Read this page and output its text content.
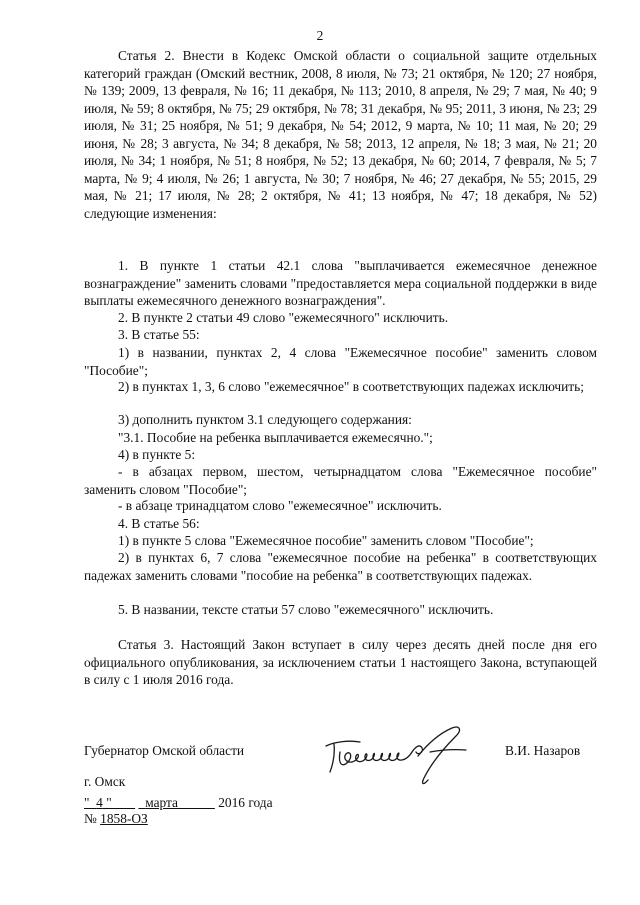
2

Статья 2. Внести в Кодекс Омской области о социальной защите отдельных категорий граждан (Омский вестник, 2008, 8 июля, № 73; 21 октября, № 120; 27 ноября, № 139; 2009, 13 февраля, № 16; 11 декабря, № 113; 2010, 8 апреля, № 29; 7 мая, № 40; 9 июля, № 59; 8 октября, № 75; 29 октября, № 78; 31 декабря, № 95; 2011, 3 июня, № 23; 29 июля, № 31; 25 ноября, № 51; 9 декабря, № 54; 2012, 9 марта, № 10; 11 мая, № 20; 29 июня, № 28; 3 августа, № 34; 8 декабря, № 58; 2013, 12 апреля, № 18; 3 мая, № 21; 20 июля, № 34; 1 ноября, № 51; 8 ноября, № 52; 13 декабря, № 60; 2014, 7 февраля, № 5; 7 марта, № 9; 4 июля, № 26; 1 августа, № 30; 7 ноября, № 46; 27 декабря, № 55; 2015, 29 мая, № 21; 17 июля, № 28; 2 октября, № 41; 13 ноября, № 47; 18 декабря, № 52) следующие изменения:

1. В пункте 1 статьи 42.1 слова "выплачивается ежемесячное денежное вознаграждение" заменить словами "предоставляется мера социальной поддержки в виде выплаты ежемесячного денежного вознаграждения".

2. В пункте 2 статьи 49 слово "ежемесячного" исключить.

3. В статье 55:

1) в названии, пунктах 2, 4 слова "Ежемесячное пособие" заменить словом "Пособие";

2) в пунктах 1, 3, 6 слово "ежемесячное" в соответствующих падежах исключить;

3) дополнить пунктом 3.1 следующего содержания:

"3.1. Пособие на ребенка выплачивается ежемесячно.";

4) в пункте 5:

- в абзацах первом, шестом, четырнадцатом слова "Ежемесячное пособие" заменить словом "Пособие";

- в абзаце тринадцатом слово "ежемесячное" исключить.

4. В статье 56:

1) в пункте 5 слова "Ежемесячное пособие" заменить словом "Пособие";

2) в пунктах 6, 7 слова "ежемесячное пособие на ребенка" в соответствующих падежах заменить словами "пособие на ребенка" в соответствующих падежах.

5. В названии, тексте статьи 57 слово "ежемесячного" исключить.

Статья 3. Настоящий Закон вступает в силу через десять дней после дня его официального опубликования, за исключением статьи 1 настоящего Закона, вступающей в силу с 1 июля 2016 года.

Губернатор Омской области	В.И. Назаров
г. Омск
"  4 "          марта	2016 года
№ 1858-ОЗ
